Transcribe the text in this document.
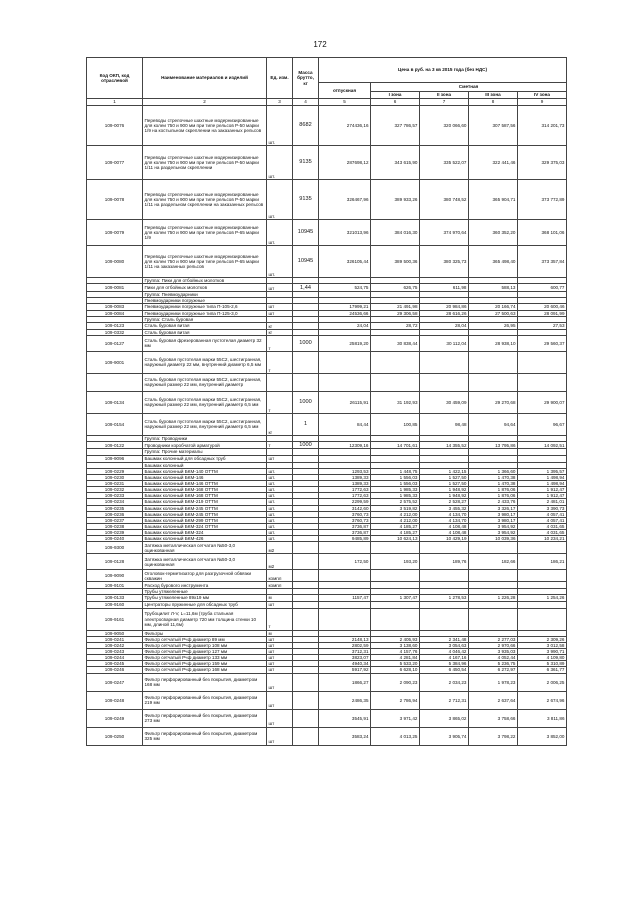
172
Код ОКП, код отраслевой	Наименование материалов и изделий	Ед. изм.	Масса брутто, кг	Цена в руб. на 3 кв 2015 года (без НДС)				
				отпускная	Сметная			
					I зона	II зона	III зона	IV зона
1	2	3	4	5	6	7	8	9
109-0076	Переводы стрелочные шахтные модернизированные для колеи 750 и 900 мм при типе рельсов Р-50 марки 1/9 на костыльном скреплении на заказанных рельсов	шт.	8682	274436,16	327 786,57	320 066,60	307 587,56	314 201,73
109-0077	Переводы стрелочные шахтные модернизированные для колеи 750 и 900 мм при типе рельсов Р-50 марки 1/11 на раздельном скреплении	шт.	9135	287698,12	343 615,90	335 522,07	322 441,46	329 375,03
109-0078	Переводы стрелочные шахтные модернизированные для колеи 750 и 900 мм при типе рельсов Р-50 марки 1/11 на раздельном скреплении на заказанных рельсов	шт.	9135	326467,96	389 933,26	380 748,52	365 904,71	373 772,89
109-0079	Переводы стрелочные шахтные модернизированные для колеи 750 и 900 мм при типе рельсов Р-65 марки 1/9	шт.	10945	321013,96	384 016,30	374 970,64	360 352,20	368 101,06
109-0080	Переводы стрелочные шахтные модернизированные для колеи 750 и 900 мм при типе рельсов Р-65 марки 1/11 на заказанных рельсов	шт.	10945	326105,44	389 500,36	380 325,73	365 498,40	373 357,84
	Группа: Пики для отбойных молотков							
109-0081	Пики для отбойных молотков	шт	1,44	524,75	626,75	611,98	588,13	600,77
	Группа: Пневмоударники							
	Пневмоударники погружные							
109-0083	Пневмоударники погружные типа П-105-2,6	шт		17999,21	21 491,98	20 984,86	20 166,74	20 600,46
109-0084	Пневмоударники погружные типа П-125-3,0	шт		24536,66	29 306,58	28 616,26	27 500,63	28 091,99
	Группа: Сталь буровая							
109-0123	Сталь буровая витая	кг		24,04	28,72	28,04	26,95	27,53
109-0332	Сталь буровая витая	кг						
109-0127	Сталь буровая фрезерованная пустотелая диаметр 32 мм	т	1000	25819,20	30 838,44	30 112,04	28 938,10	29 560,37
109-9001	Сталь буровая пустотелая марки 55С2, шестигранная, наружный диаметр 22 мм, внутренний диаметр 6,5 мм	т						
	Сталь буровая пустотелая марки 55С2, шестигранная, наружный размер 22 мм, внутренний диаметр							
109-0134	Сталь буровая пустотелая марки 55С2, шестигранная, наружный размер 22 мм, внутренний диаметр 6,5 мм	т	1000	26115,91	31 192,93	30 459,09	29 270,68	29 900,07
109-0154	Сталь буровая пустотелая марки 55С2, шестигранная, наружный размер 22 мм, внутренний диаметр 6,5 мм	кг	1	84,44	100,85	98,48	94,64	96,67
	Группа: Проводники							
109-0122	Проводники коробчатой арматурой	т	1000	12309,16	14 701,61	14 355,52	13 795,86	14 092,51
	Группа: Прочие материалы							
109-9096	Башмак колонный для обсадных труб	шт						
	Башмак колонный							
109-0229	Башмак колонный БКМ-140 ОТТМ	шт.		1293,53	1 448,75	1 422,15	1 366,60	1 395,57
109-0230	Башмак колонный БКМ-146	шт.		1389,33	1 556,03	1 527,50	1 470,38	1 498,94
109-0231	Башмак колонный БКМ-146 ОТТМ	шт.		1389,33	1 556,03	1 527,50	1 470,38	1 498,94
109-0232	Башмак колонный БКМ-168 ОТТМ	шт.		1772,63	1 985,33	1 948,92	1 876,06	1 912,47
109-0233	Башмак колонный БКМ-168 ОТТМ	шт.		1772,63	1 985,33	1 948,92	1 876,06	1 912,47
109-0234	Башмак колонный БКМ-219 ОТТМ	шт.		2299,59	2 575,52	2 528,27	2 433,76	2 481,01
109-0235	Башмак колонный БКМ-245 ОТТМ	шт.		3142,60	3 519,82	3 455,32	3 326,17	3 390,73
109-0236	Башмак колонный БКМ-245 ОТТМ	шт.		3760,73	4 212,00	4 134,70	3 980,17	4 057,41
109-0237	Башмак колонный БКМ-299 ОТТМ	шт.		3760,73	4 212,00	4 134,70	3 980,17	4 057,41
109-0238	Башмак колонный БКМ-324 ОТТМ	шт.		3736,87	4 185,27	4 108,48	3 954,92	4 031,65
109-0239	Башмак колонный БКМ-324	шт.		3736,87	4 185,27	4 108,48	3 954,92	4 031,65
109-0240	Башмак колонный БКМ-426	шт.		9485,89	10 624,13	10 429,19	10 039,36	10 234,21
109-9300	Затяжка металлическая сетчатая №50-3,0 оцинкованная	м2						
109-0128	Затяжка металлическая сетчатая №50-3,0 оцинкованная	м2		172,50	193,20	189,76	182,66	186,21
109-9090	Оголовок-герметизатор для разгрузочной обвязки скважин	компл						
109-9101	Расход бурового инструмента	компл						
	Трубы утяжеленные							
109-0133	Трубы утяжеленные 89х19 мм	м		1157,47	1 307,47	1 278,53	1 226,28	1 254,26
109-9160	Центраторы пружинные для обсадных труб	шт						
109-9161	Трубоцилит Л-V, L=11,6м (труба стальная электросварная диаметр 720 мм толщина стенки 10 мм, длиной 11,6м)	т						
109-9050	Фильтры	м						
109-0241	Фильтр сетчатый Рчф диаметр 89 мм	шт		2148,13	2 405,93	2 341,48	2 277,03	2 309,26
109-0242	Фильтр сетчатый Рчф диаметр 108 мм	шт		2802,59	3 138,60	3 054,63	2 970,66	3 012,58
109-0243	Фильтр сетчатый Рчф диаметр 127 мм	шт		3712,31	4 157,76	4 046,42	3 935,03	3 990,71
109-0244	Фильтр сетчатый Рчф диаметр 133 мм	шт		3823,07	4 281,84	4 167,16	4 052,44	4 109,80
109-0245	Фильтр сетчатый Рчф диаметр 159 мм	шт		4940,34	5 533,20	5 384,96	5 236,75	5 310,89
109-0246	Фильтр сетчатый Рчф диаметр 168 мм	шт		5917,92	6 628,10	6 450,54	6 272,97	6 361,77
109-0247	Фильтр перфорированный без покрытия, диаметром 168 мм	шт		1866,27	2 090,23	2 034,23	1 978,23	2 006,25
109-0248	Фильтр перфорированный без покрытия, диаметром 219 мм	шт		2486,35	2 786,94	2 712,31	2 637,64	2 674,96
109-0249	Фильтр перфорированный без покрытия, диаметром 273 мм	шт		3545,91	3 971,42	3 865,02	3 758,66	3 811,86
109-0250	Фильтр перфорированный без покрытия, диаметром 325 мм	шт		3583,24	4 013,25	3 905,74	3 798,22	3 852,00
